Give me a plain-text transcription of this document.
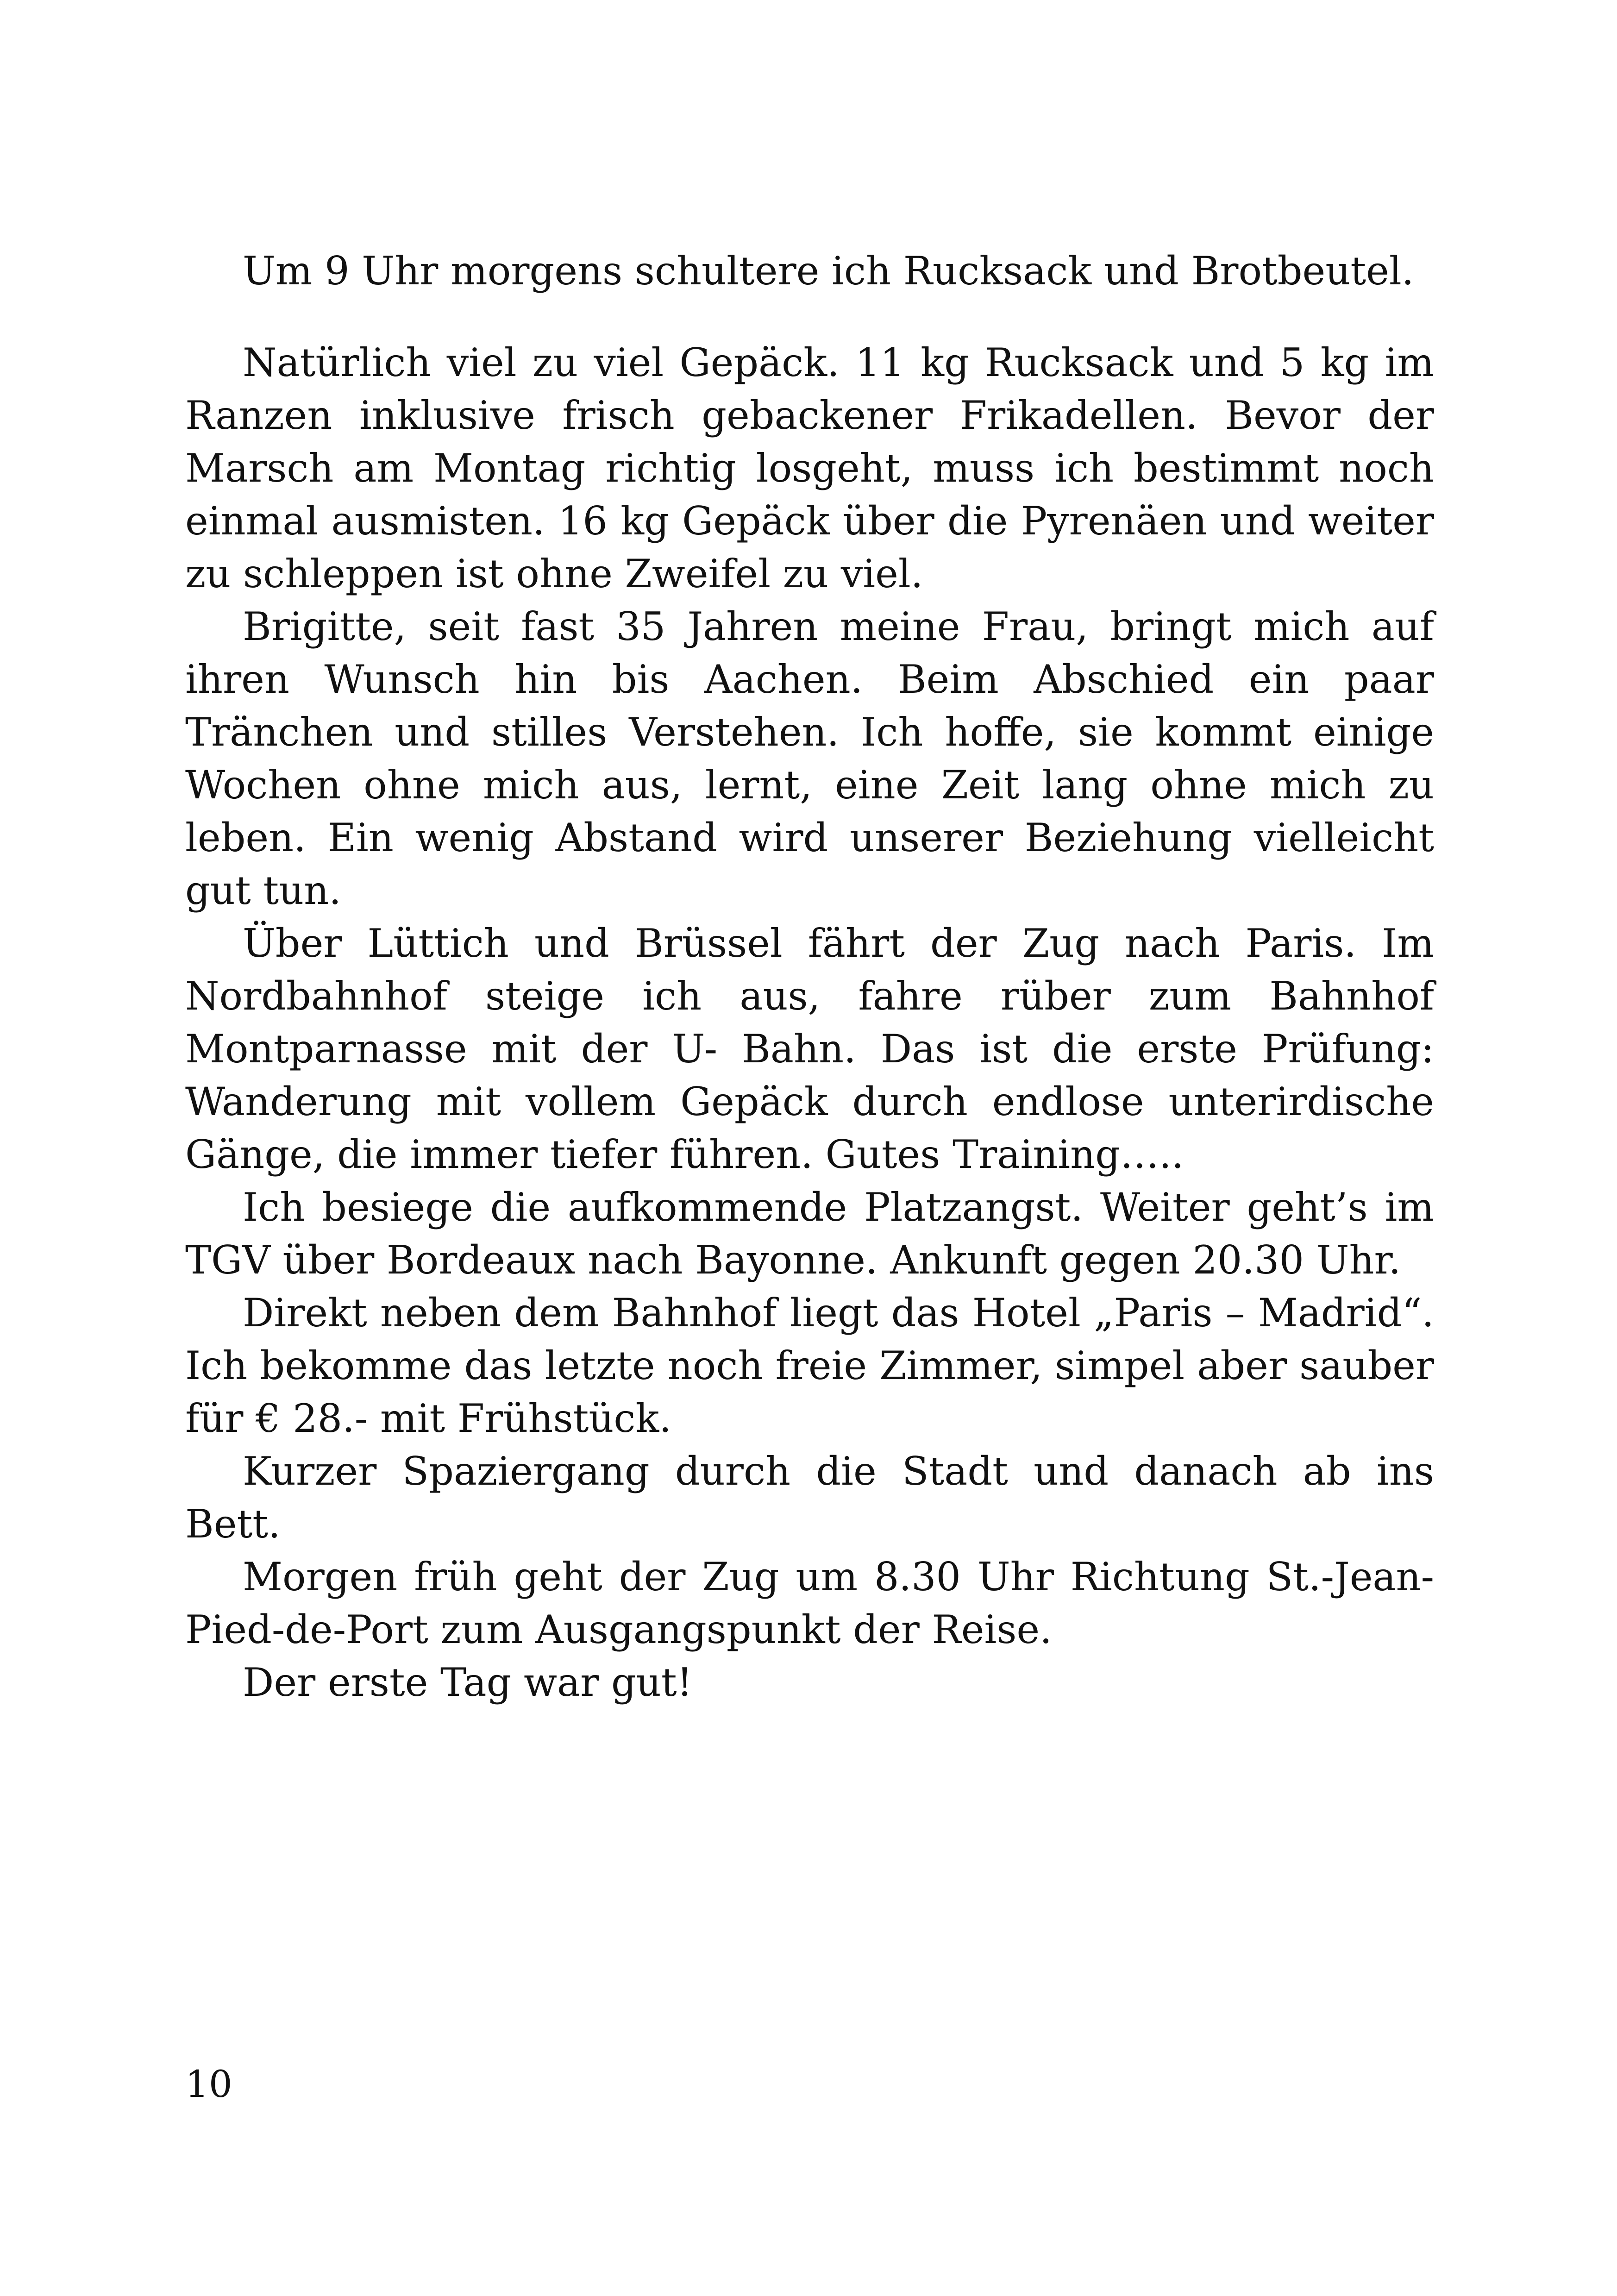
Um 9 Uhr morgens schultere ich Rucksack und Brotbeutel.

Natürlich viel zu viel Gepäck. 11 kg Rucksack und 5 kg im Ranzen inklusive frisch gebackener Frikadellen. Bevor der Marsch am Montag richtig losgeht, muss ich bestimmt noch einmal ausmisten. 16 kg Gepäck über die Pyrenäen und weiter zu schleppen ist ohne Zweifel zu viel.

Brigitte, seit fast 35 Jahren meine Frau, bringt mich auf ihren Wunsch hin bis Aachen. Beim Abschied ein paar Tränchen und stilles Verstehen. Ich hoffe, sie kommt einige Wochen ohne mich aus, lernt, eine Zeit lang ohne mich zu leben. Ein wenig Abstand wird unserer Beziehung vielleicht gut tun.

Über Lüttich und Brüssel fährt der Zug nach Paris. Im Nordbahnhof steige ich aus, fahre rüber zum Bahnhof Montparnasse mit der U- Bahn. Das ist die erste Prüfung: Wanderung mit vollem Gepäck durch endlose unterirdische Gänge, die immer tiefer führen. Gutes Training…..

Ich besiege die aufkommende Platzangst. Weiter geht’s im TGV über Bordeaux nach Bayonne. Ankunft gegen 20.30 Uhr.

Direkt neben dem Bahnhof liegt das Hotel „Paris – Madrid“. Ich bekomme das letzte noch freie Zimmer, simpel aber sauber für € 28.- mit Frühstück.

Kurzer Spaziergang durch die Stadt und danach ab ins Bett.

Morgen früh geht der Zug um 8.30 Uhr Richtung St.-Jean-Pied-de-Port zum Ausgangspunkt der Reise.

Der erste Tag war gut!

10
